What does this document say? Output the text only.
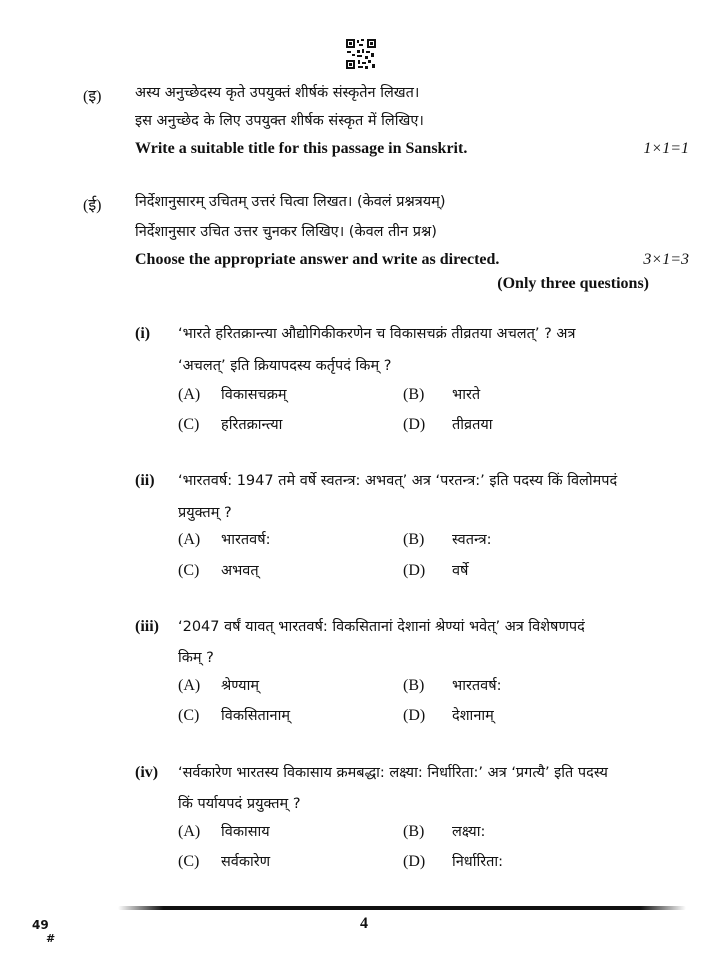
(इ) अस्य अनुच्छेदस्य कृते उपयुक्तं शीर्षकं संस्कृतेन लिखत।
इस अनुच्छेद के लिए उपयुक्त शीर्षक संस्कृत में लिखिए।
Write a suitable title for this passage in Sanskrit.	1×1=1
(ई) निर्देशानुसारम् उचितम् उत्तरं चित्वा लिखत। (केवलं प्रश्नत्रयम्)
निर्देशानुसार उचित उत्तर चुनकर लिखिए। (केवल तीन प्रश्न)
Choose the appropriate answer and write as directed.	3×1=3
(Only three questions)
(i) ‘भारते हरितक्रान्त्या औद्योगिकीकरणेन च विकासचक्रं तीव्रतया अचलत्’ ? अत्र
‘अचलत्’ इति क्रियापदस्य कर्तृपदं किम् ?
(A) विकासचक्रम्	(B) भारते
(C) हरितक्रान्त्या	(D) तीव्रतया
(ii) ‘भारतवर्ष: 1947 तमे वर्षे स्वतन्त्र: अभवत्’ अत्र ‘परतन्त्र:’ इति पदस्य किं विलोमपदं
प्रयुक्तम् ?
(A) भारतवर्ष:	(B) स्वतन्त्र:
(C) अभवत्	(D) वर्षे
(iii) ‘2047 वर्षं यावत् भारतवर्ष: विकसितानां देशानां श्रेण्यां भवेत्’ अत्र विशेषणपदं
किम् ?
(A) श्रेण्याम्	(B) भारतवर्ष:
(C) विकसितानाम्	(D) देशानाम्
(iv) ‘सर्वकारेण भारतस्य विकासाय क्रमबद्धा: लक्ष्या: निर्धारिता:’ अत्र ‘प्रगत्यै’ इति पदस्य
किं पर्यायपदं प्रयुक्तम् ?
(A) विकासाय	(B) लक्ष्या:
(C) सर्वकारेण	(D) निर्धारिता:
49
#
4
